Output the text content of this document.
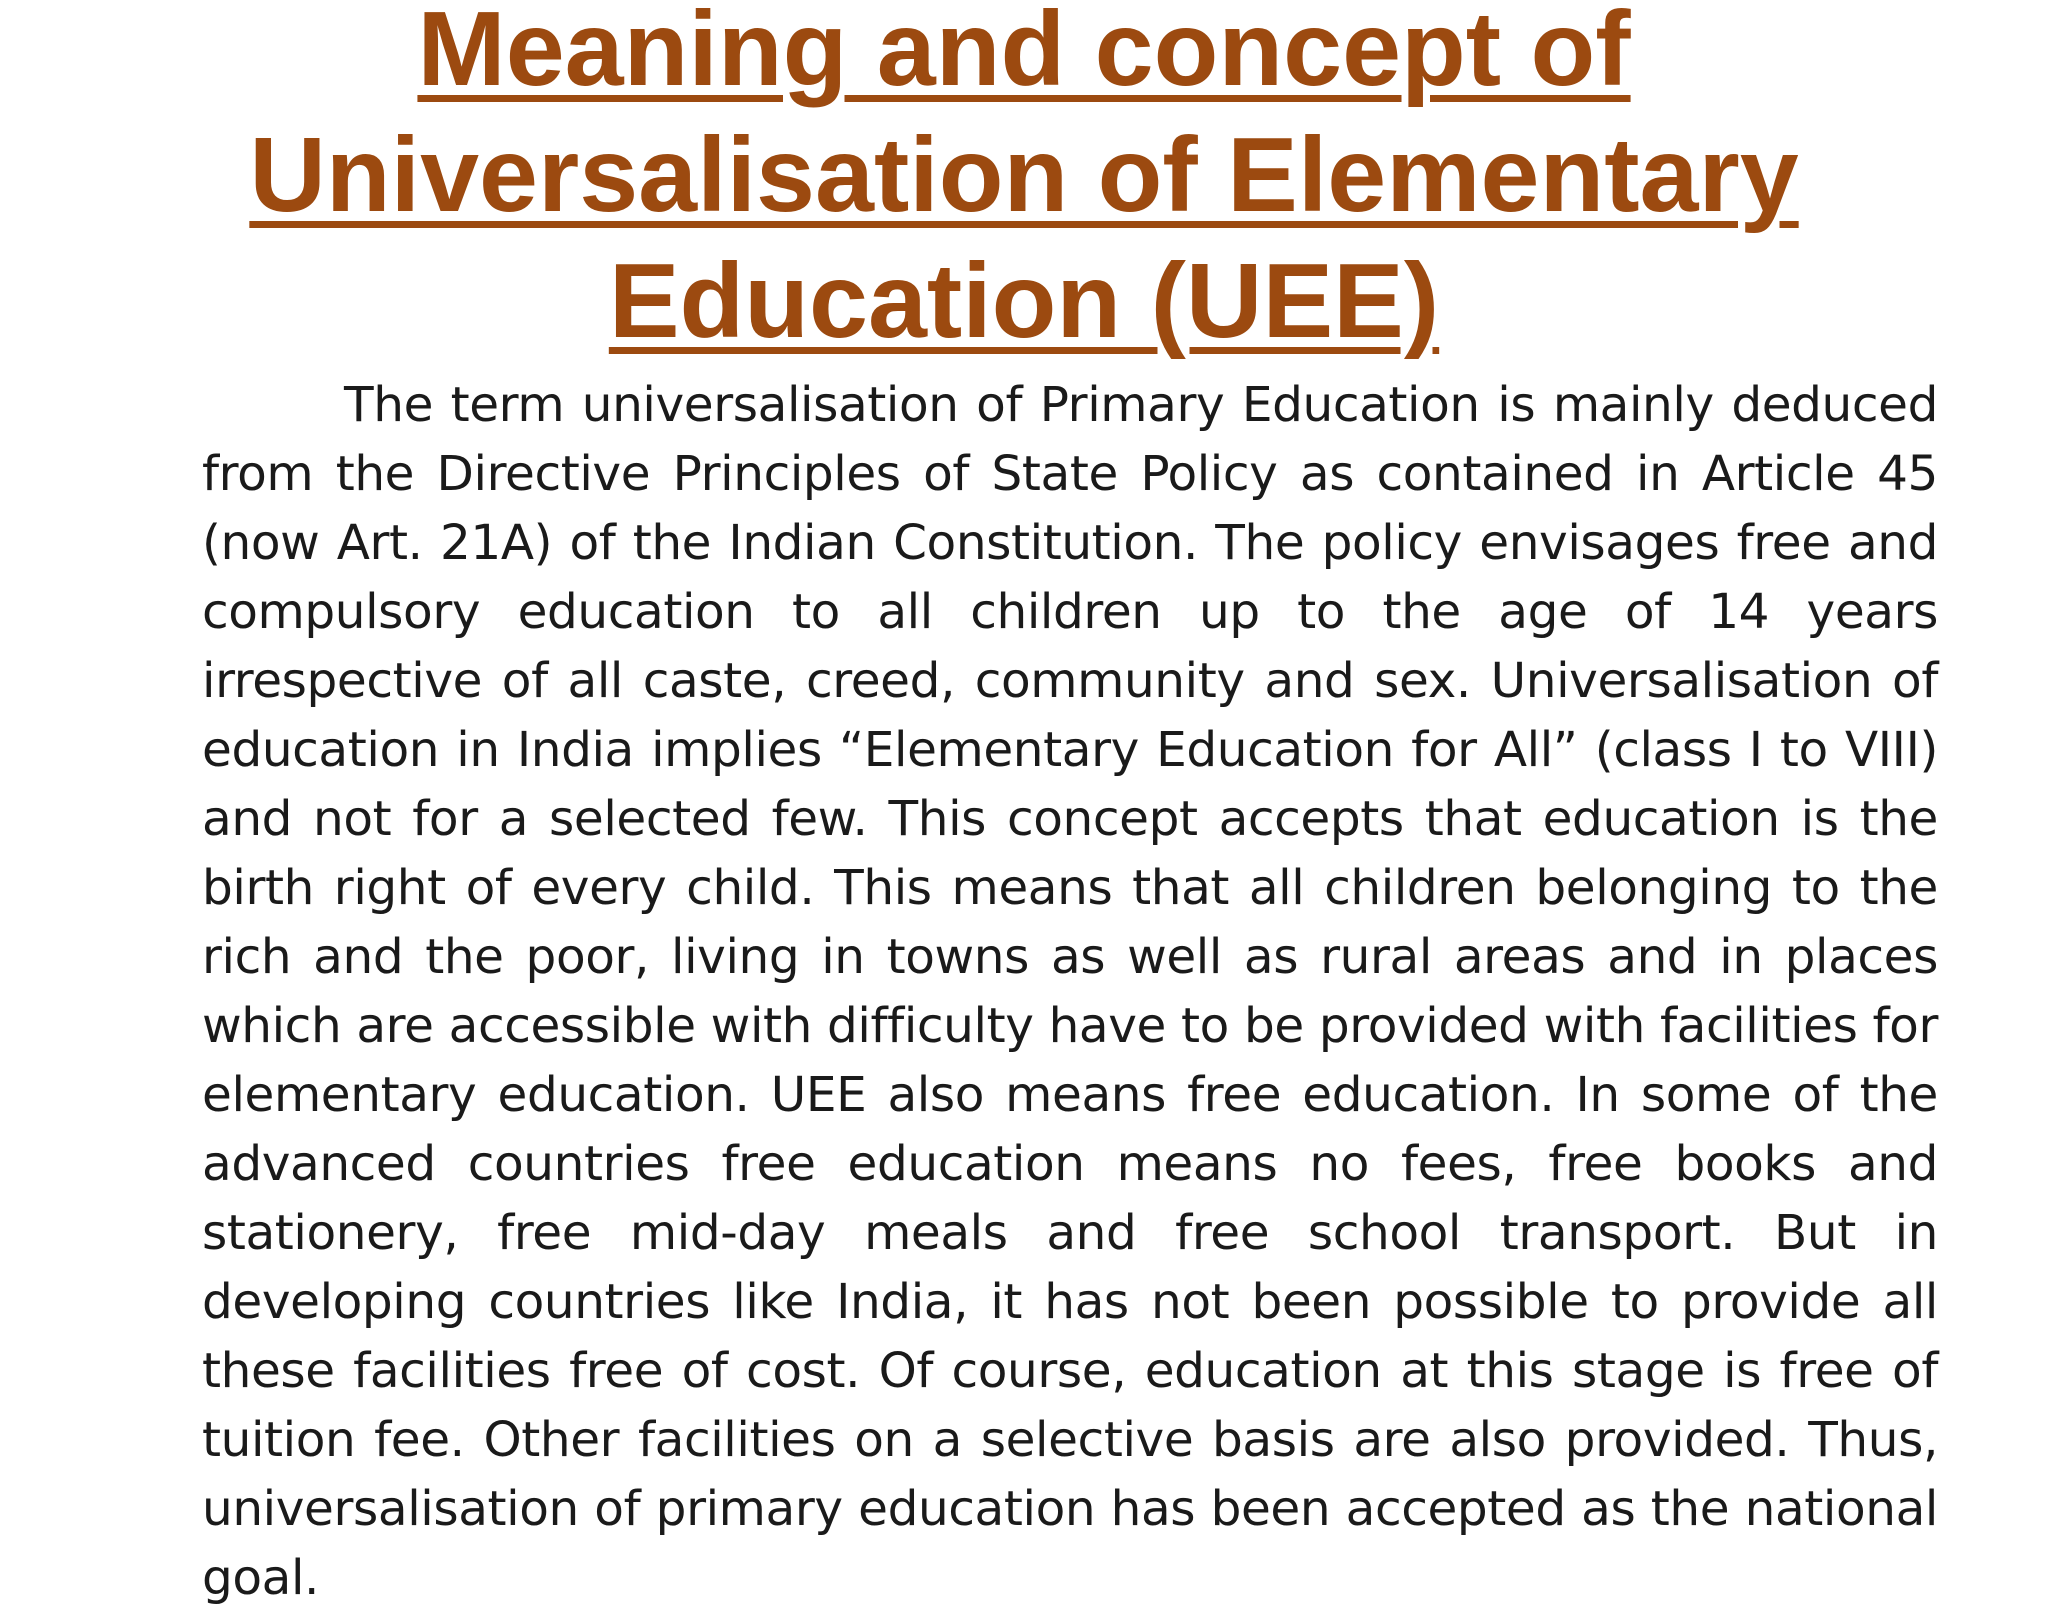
Meaning and concept of
Universalisation of Elementary
Education (UEE)

The term universalisation of Primary Education is mainly deduced from the Directive Principles of State Policy as contained in Article 45 (now Art. 21A) of the Indian Constitution. The policy envisages free and compulsory education to all children up to the age of 14 years irrespective of all caste, creed, community and sex. Universalisation of education in India implies “Elementary Education for All” (class I to VIII) and not for a selected few. This concept accepts that education is the birth right of every child. This means that all children belonging to the rich and the poor, living in towns as well as rural areas and in places which are accessible with difficulty have to be provided with facilities for elementary education. UEE also means free education. In some of the advanced countries free education means no fees, free books and stationery, free mid-day meals and free school transport. But in developing countries like India, it has not been possible to provide all these facilities free of cost. Of course, education at this stage is free of tuition fee. Other facilities on a selective basis are also provided. Thus, universalisation of primary education has been accepted as the national goal.
